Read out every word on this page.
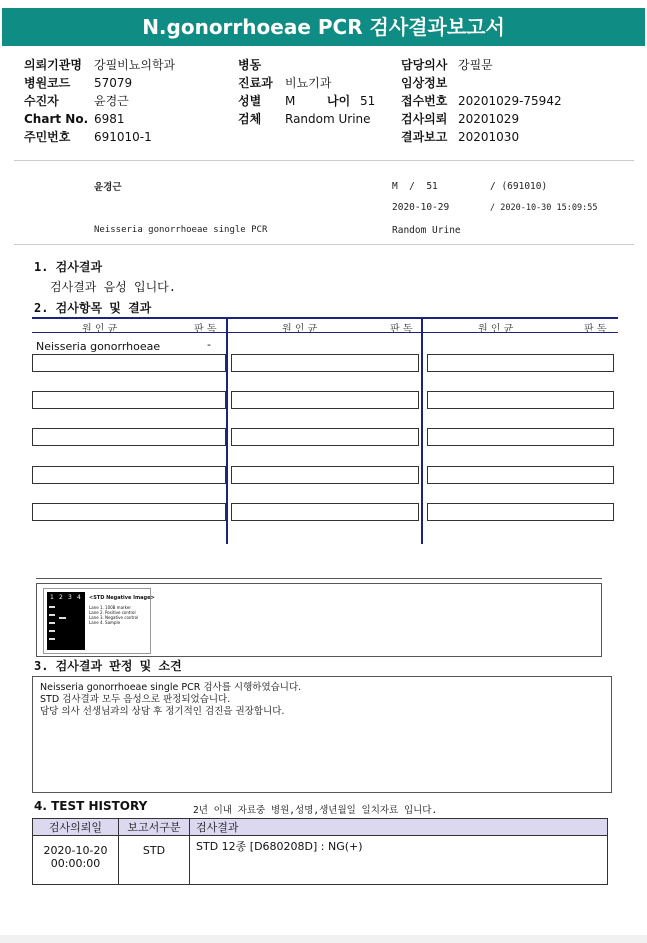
N.gonorrhoeae PCR 검사결과보고서
의뢰기관명 강필비뇨의학과
병원코드 57079
수진자	윤경근
Chart No. 6981
주민번호 691010-1
병동
진료과 비뇨기과
성별 M	나이 51
검체 Random Urine
담당의사 강필문
임상정보
접수번호 20201029-75942
검사의뢰 20201029
결과보고 20201030
윤경근	M  /  51	/ (691010)
2020-10-29	/ 2020-10-30 15:09:55
Neisseria gonorrhoeae single PCR	Random Urine
1. 검사결과
검사결과 음성 입니다.
2. 검사항목 및 결과
원 인 균	판 독	원 인 균	판 독	원 인 균	판 독
Neisseria gonorrhoeae	-
1 2 3 4 <STD Negative Image>
Lane 1. 100B marker
Lane 2. Positive control
Lane 3. Negative control
Lane 4. Sample
3. 검사결과 판정 및 소견
Neisseria gonorrhoeae single PCR 검사를 시행하였습니다.
STD 검사결과 모두 음성으로 판정되었습니다.
담당 의사 선생님과의 상담 후 정기적인 검진을 권장합니다.
4. TEST HISTORY	2년 이내 자료중 병원,성명,생년월일 일치자료 입니다.
검사의뢰일	보고서구분	검사결과

2020-10-20
00:00:00	STD	STD 12종 [D680208D] : NG(+)
